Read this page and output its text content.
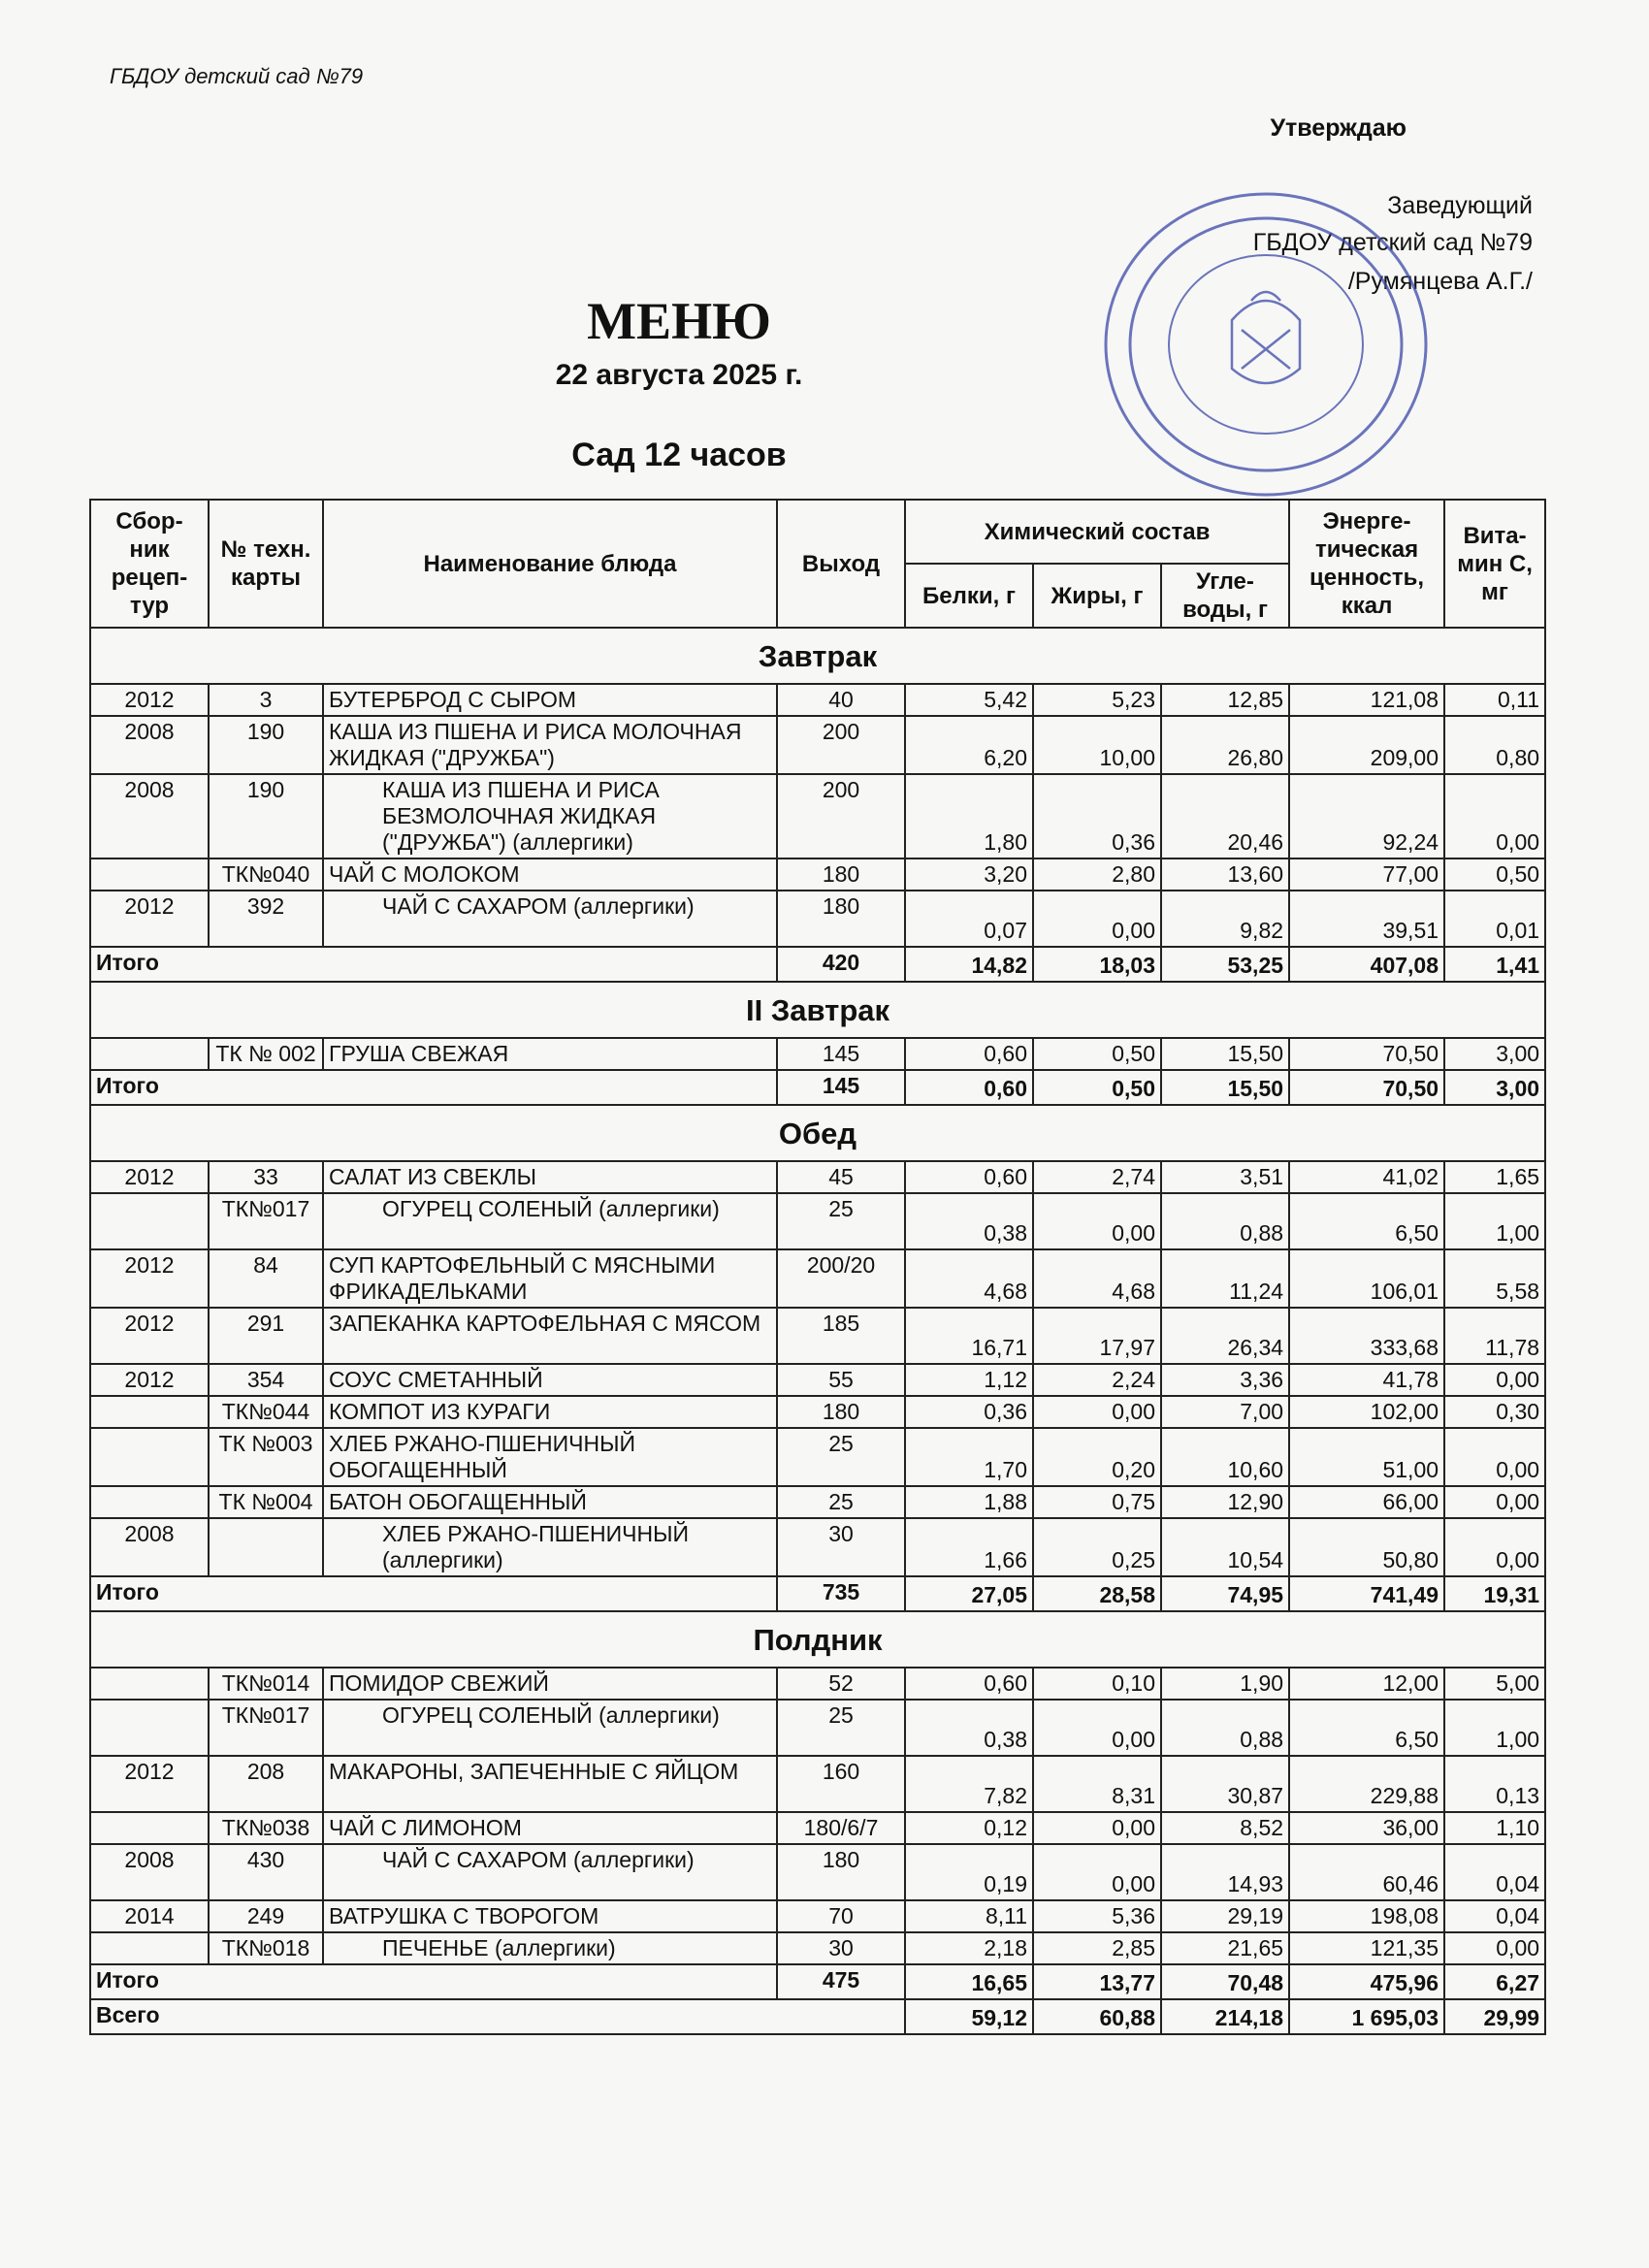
ГБДОУ детский сад №79
Утверждаю
Заведующий
ГБДОУ детский сад №79
/Румянцева А.Г./
МЕНЮ
22 августа 2025 г.
Сад 12 часов
Сбор-ник рецеп-тур	№ техн. карты	Наименование блюда	Выход	Химический состав			Энерге-тическая ценность, ккал	Вита-мин С, мг
				Белки, г	Жиры, г	Угле-воды, г		
Завтрак								
2012	3	БУТЕРБРОД С СЫРОМ	40	5,42	5,23	12,85	121,08	0,11
2008	190	КАША ИЗ ПШЕНА И РИСА МОЛОЧНАЯ ЖИДКАЯ ("ДРУЖБА")	200	6,20	10,00	26,80	209,00	0,80
2008	190	КАША ИЗ ПШЕНА И РИСА БЕЗМОЛОЧНАЯ ЖИДКАЯ ("ДРУЖБА") (аллергики)	200	1,80	0,36	20,46	92,24	0,00
	ТК№040	ЧАЙ С МОЛОКОМ	180	3,20	2,80	13,60	77,00	0,50
2012	392	ЧАЙ С САХАРОМ (аллергики)	180	0,07	0,00	9,82	39,51	0,01
Итого			420	14,82	18,03	53,25	407,08	1,41
II Завтрак								
	ТК № 002	ГРУША СВЕЖАЯ	145	0,60	0,50	15,50	70,50	3,00
Итого			145	0,60	0,50	15,50	70,50	3,00
Обед								
2012	33	САЛАТ ИЗ СВЕКЛЫ	45	0,60	2,74	3,51	41,02	1,65
	ТК№017	ОГУРЕЦ СОЛЕНЫЙ (аллергики)	25	0,38	0,00	0,88	6,50	1,00
2012	84	СУП КАРТОФЕЛЬНЫЙ С МЯСНЫМИ ФРИКАДЕЛЬКАМИ	200/20	4,68	4,68	11,24	106,01	5,58
2012	291	ЗАПЕКАНКА КАРТОФЕЛЬНАЯ С МЯСОМ	185	16,71	17,97	26,34	333,68	11,78
2012	354	СОУС СМЕТАННЫЙ	55	1,12	2,24	3,36	41,78	0,00
	ТК№044	КОМПОТ ИЗ КУРАГИ	180	0,36	0,00	7,00	102,00	0,30
	ТК №003	ХЛЕБ РЖАНО-ПШЕНИЧНЫЙ ОБОГАЩЕННЫЙ	25	1,70	0,20	10,60	51,00	0,00
	ТК №004	БАТОН ОБОГАЩЕННЫЙ	25	1,88	0,75	12,90	66,00	0,00
2008		ХЛЕБ РЖАНО-ПШЕНИЧНЫЙ (аллергики)	30	1,66	0,25	10,54	50,80	0,00
Итого			735	27,05	28,58	74,95	741,49	19,31
Полдник								
	ТК№014	ПОМИДОР СВЕЖИЙ	52	0,60	0,10	1,90	12,00	5,00
	ТК№017	ОГУРЕЦ СОЛЕНЫЙ (аллергики)	25	0,38	0,00	0,88	6,50	1,00
2012	208	МАКАРОНЫ, ЗАПЕЧЕННЫЕ С ЯЙЦОМ	160	7,82	8,31	30,87	229,88	0,13
	ТК№038	ЧАЙ С ЛИМОНОМ	180/6/7	0,12	0,00	8,52	36,00	1,10
2008	430	ЧАЙ С САХАРОМ (аллергики)	180	0,19	0,00	14,93	60,46	0,04
2014	249	ВАТРУШКА С ТВОРОГОМ	70	8,11	5,36	29,19	198,08	0,04
	ТК№018	ПЕЧЕНЬЕ (аллергики)	30	2,18	2,85	21,65	121,35	0,00
Итого			475	16,65	13,77	70,48	475,96	6,27
Всего				59,12	60,88	214,18	1 695,03	29,99
